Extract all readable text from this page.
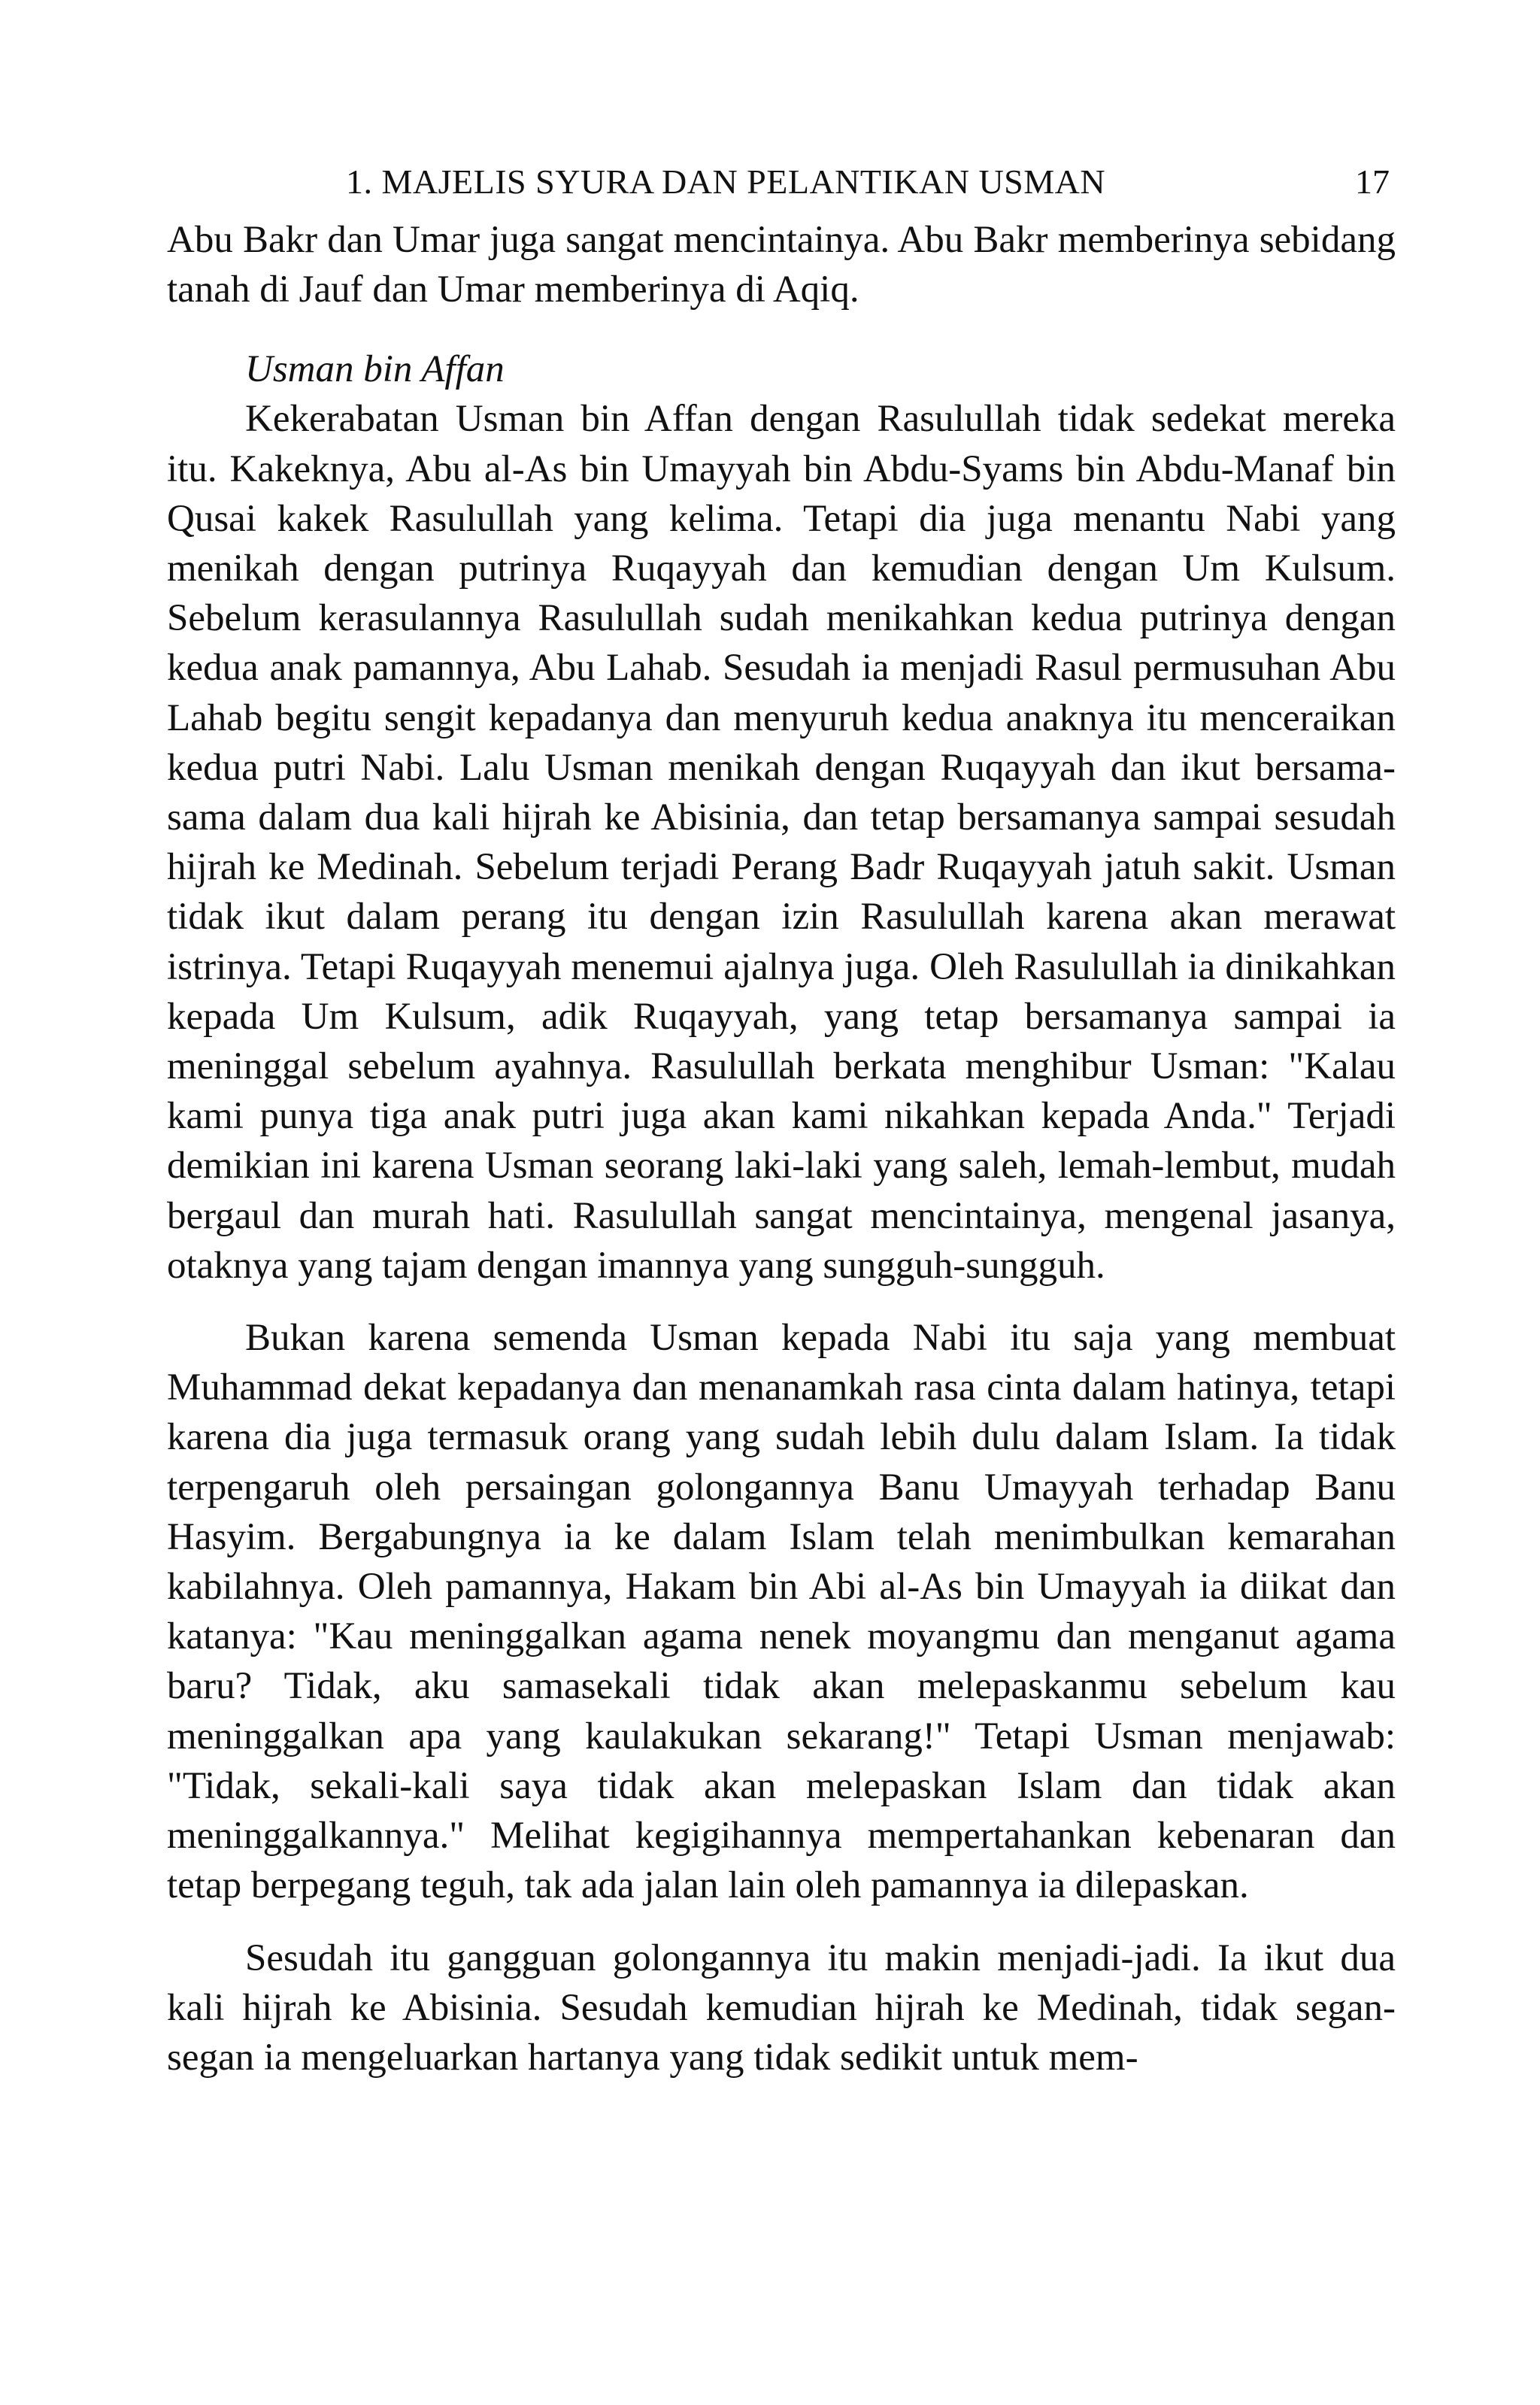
1. MAJELIS SYURA DAN PELANTIKAN USMAN	17

Abu Bakr dan Umar juga sangat mencintainya. Abu Bakr memberinya sebidang tanah di Jauf dan Umar memberinya di Aqiq.

Usman bin Affan

Kekerabatan Usman bin Affan dengan Rasulullah tidak sedekat mereka itu. Kakeknya, Abu al-As bin Umayyah bin Abdu-Syams bin Abdu-Manaf bin Qusai kakek Rasulullah yang kelima. Tetapi dia juga menantu Nabi yang menikah dengan putrinya Ruqayyah dan kemudian dengan Um Kulsum. Sebelum kerasulannya Rasulullah sudah menikahkan kedua putrinya dengan kedua anak pamannya, Abu Lahab. Sesudah ia menjadi Rasul permusuhan Abu Lahab begitu sengit kepadanya dan menyuruh kedua anaknya itu menceraikan kedua putri Nabi. Lalu Usman menikah dengan Ruqayyah dan ikut bersama-sama dalam dua kali hijrah ke Abisinia, dan tetap bersamanya sampai sesudah hijrah ke Medinah. Sebelum terjadi Perang Badr Ruqayyah jatuh sakit. Usman tidak ikut dalam perang itu dengan izin Rasulullah karena akan merawat istrinya. Tetapi Ruqayyah menemui ajalnya juga. Oleh Rasulullah ia dinikahkan kepada Um Kulsum, adik Ruqayyah, yang tetap bersamanya sampai ia meninggal sebelum ayahnya. Rasulullah berkata menghibur Usman: "Kalau kami punya tiga anak putri juga akan kami nikahkan kepada Anda." Terjadi demikian ini karena Usman seorang laki-laki yang saleh, lemah-lembut, mudah bergaul dan murah hati. Rasulullah sangat mencintainya, mengenal jasanya, otaknya yang tajam dengan imannya yang sungguh-sungguh.

Bukan karena semenda Usman kepada Nabi itu saja yang membuat Muhammad dekat kepadanya dan menanamkah rasa cinta dalam hatinya, tetapi karena dia juga termasuk orang yang sudah lebih dulu dalam Islam. Ia tidak terpengaruh oleh persaingan golongannya Banu Umayyah terhadap Banu Hasyim. Bergabungnya ia ke dalam Islam telah menimbulkan kemarahan kabilahnya. Oleh pamannya, Hakam bin Abi al-As bin Umayyah ia diikat dan katanya: "Kau meninggalkan agama nenek moyangmu dan menganut agama baru? Tidak, aku samasekali tidak akan melepaskanmu sebelum kau meninggalkan apa yang kaulakukan sekarang!" Tetapi Usman menjawab: "Tidak, sekali-kali saya tidak akan melepaskan Islam dan tidak akan meninggalkannya." Melihat kegigihannya mempertahankan kebenaran dan tetap berpegang teguh, tak ada jalan lain oleh pamannya ia dilepaskan.

Sesudah itu gangguan golongannya itu makin menjadi-jadi. Ia ikut dua kali hijrah ke Abisinia. Sesudah kemudian hijrah ke Medinah, tidak segan-segan ia mengeluarkan hartanya yang tidak sedikit untuk mem-
